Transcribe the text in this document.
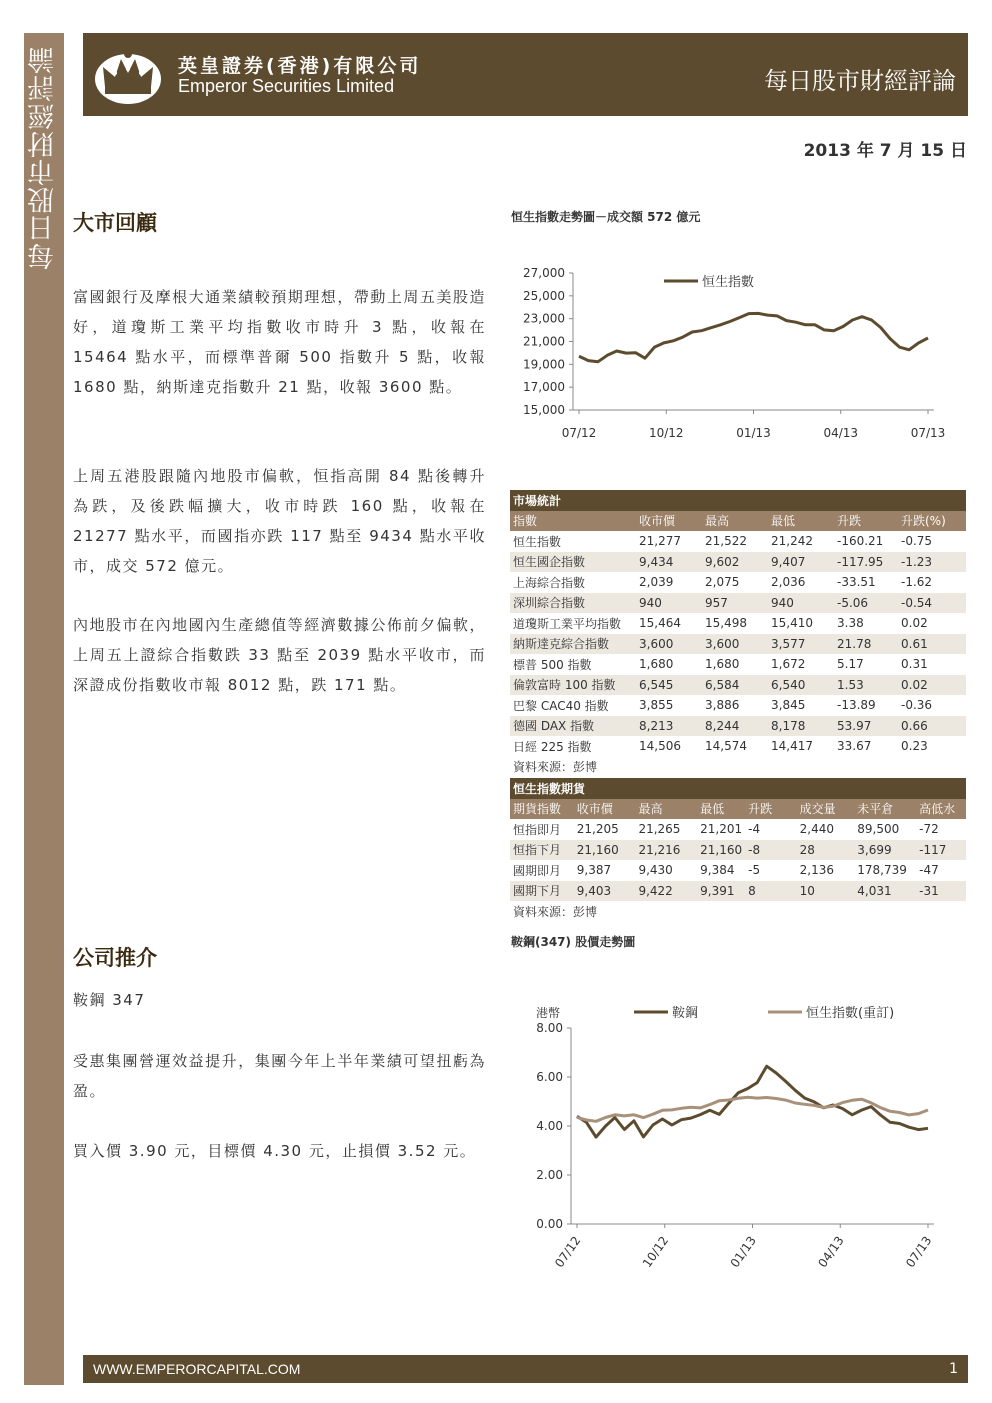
每日股市財經評論	英皇證券(香港)有限公司
Emperor Securities Limited	每日股市財經評論
2013 年 7 月 15 日
大市回顧

富國銀行及摩根大通業績較預期理想，帶動上周五美股造好，道瓊斯工業平均指數收市時升 3 點，收報在 15464 點水平，而標準普爾 500 指數升 5 點，收報 1680 點，納斯達克指數升 21 點，收報 3600 點。

上周五港股跟隨內地股市偏軟，恒指高開 84 點後轉升為跌，及後跌幅擴大，收市時跌 160 點，收報在 21277 點水平，而國指亦跌 117 點至 9434 點水平收市，成交 572 億元。

內地股市在內地國內生產總值等經濟數據公佈前夕偏軟，上周五上證綜合指數跌 33 點至 2039 點水平收市，而深證成份指數收市報 8012 點，跌 171 點。

公司推介

鞍鋼 347

受惠集團營運效益提升，集團今年上半年業績可望扭虧為盈。

買入價 3.90 元，目標價 4.30 元，止損價 3.52 元。

恒生指數走勢圖－成交額 572 億元
27,000
25,000
23,000
21,000
19,000
17,000
15,000
07/12	10/12	01/13	04/13	07/13
恒生指數
市場統計					
指數	收市價	最高	最低	升跌	升跌(%)
恒生指數	21,277	21,522	21,242	-160.21	-0.75
恒生國企指數	9,434	9,602	9,407	-117.95	-1.23
上海綜合指數	2,039	2,075	2,036	-33.51	-1.62
深圳綜合指數	940	957	940	-5.06	-0.54
道瓊斯工業平均指數	15,464	15,498	15,410	3.38	0.02
納斯達克綜合指數	3,600	3,600	3,577	21.78	0.61
標普 500 指數	1,680	1,680	1,672	5.17	0.31
倫敦富時 100 指數	6,545	6,584	6,540	1.53	0.02
巴黎 CAC40 指數	3,855	3,886	3,845	-13.89	-0.36
德國 DAX 指數	8,213	8,244	8,178	53.97	0.66
日經 225 指數	14,506	14,574	14,417	33.67	0.23
資料來源：彭博					
恒生指數期貨							
期貨指數	收市價	最高	最低	升跌	成交量	未平倉	高低水
恒指即月	21,205	21,265	21,201	-4	2,440	89,500	-72
恒指下月	21,160	21,216	21,160	-8	28	3,699	-117
國期即月	9,387	9,430	9,384	-5	2,136	178,739	-47
國期下月	9,403	9,422	9,391	8	10	4,031	-31
資料來源：彭博							
鞍鋼(347) 股價走勢圖
港幣
8.00
6.00
4.00
2.00
0.00
07/12	10/12	01/13	04/13	07/13
鞍鋼	恒生指數(重訂)
WWW.EMPERORCAPITAL.COM	1
